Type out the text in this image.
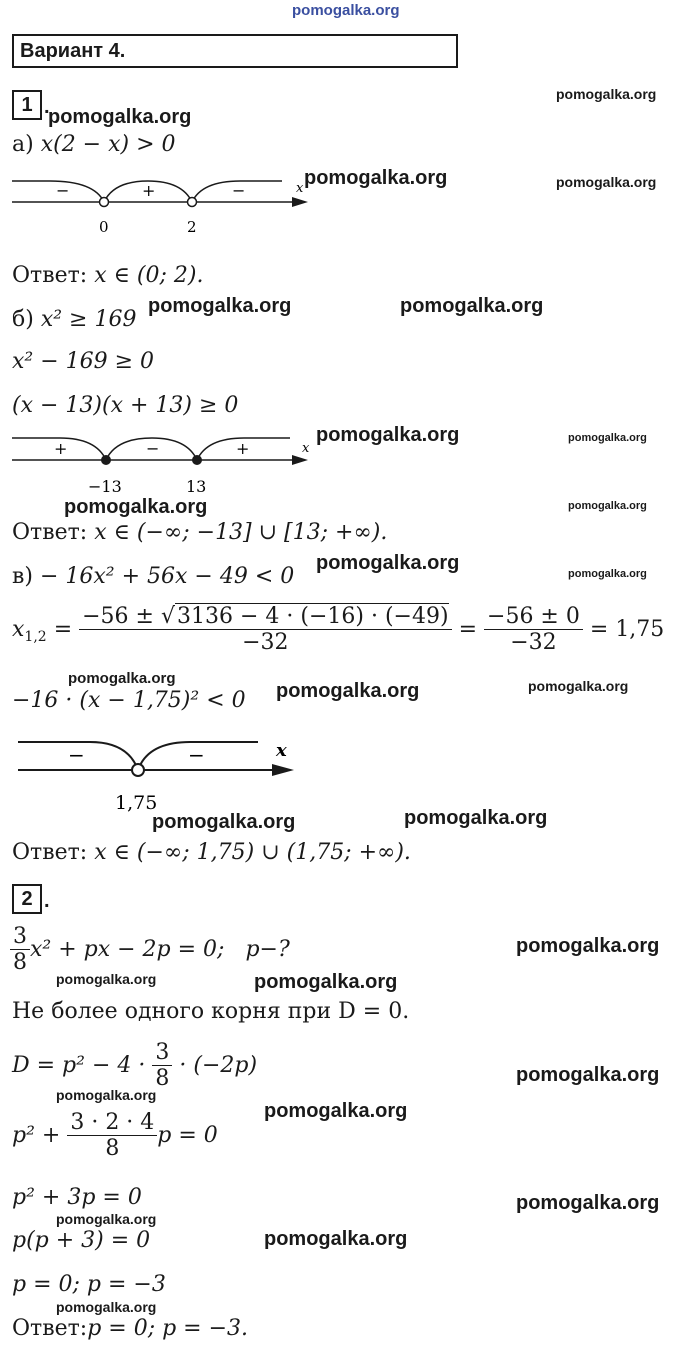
pomogalka.org
Вариант 4.
1 .
pomogalka.org
pomogalka.org
а) x(2 − x) > 0
−	+	−	x
0	2
pomogalka.org	pomogalka.org
Ответ: x ∈ (0; 2).
б) x² ≥ 169
pomogalka.org	pomogalka.org
x² − 169 ≥ 0
(x − 13)(x + 13) ≥ 0
+	−	+	x
−13	13
pomogalka.org	pomogalka.org
pomogalka.org	pomogalka.org
Ответ: x ∈ (−∞; −13] ∪ [13; +∞).
в) − 16x² + 56x − 49 < 0
pomogalka.org	pomogalka.org
$x_{1,2} = \frac{-56 \pm √3136 - 4 \cdot (-16) \cdot (-49)}{-32} = \frac{-56 \pm 0}{-32} = 1,75$
pomogalka.org	pomogalka.org
−16 · (x − 1,75)² < 0 pomogalka.org
−	−	x
1,75
pomogalka.org	pomogalka.org
Ответ: x ∈ (−∞; 1,75) ∪ (1,75; +∞).
2 .
$\frac{3}{8} x^2$ + px − 2p = 0; p−?	pomogalka.org
pomogalka.org	pomogalka.org
Не более одного корня при D = 0.
$D = p^2 - 4 \cdot \frac{3}{8} \cdot (-2p)$	pomogalka.org
pomogalka.org
pomogalka.org
$p^2 + \frac{3 \cdot 2 \cdot 4}{8}$ p = 0
p² + 3p = 0	pomogalka.org
pomogalka.org
p(p + 3) = 0	pomogalka.org
p = 0; p = −3
pomogalka.org
Ответ:p = 0; p = −3.
